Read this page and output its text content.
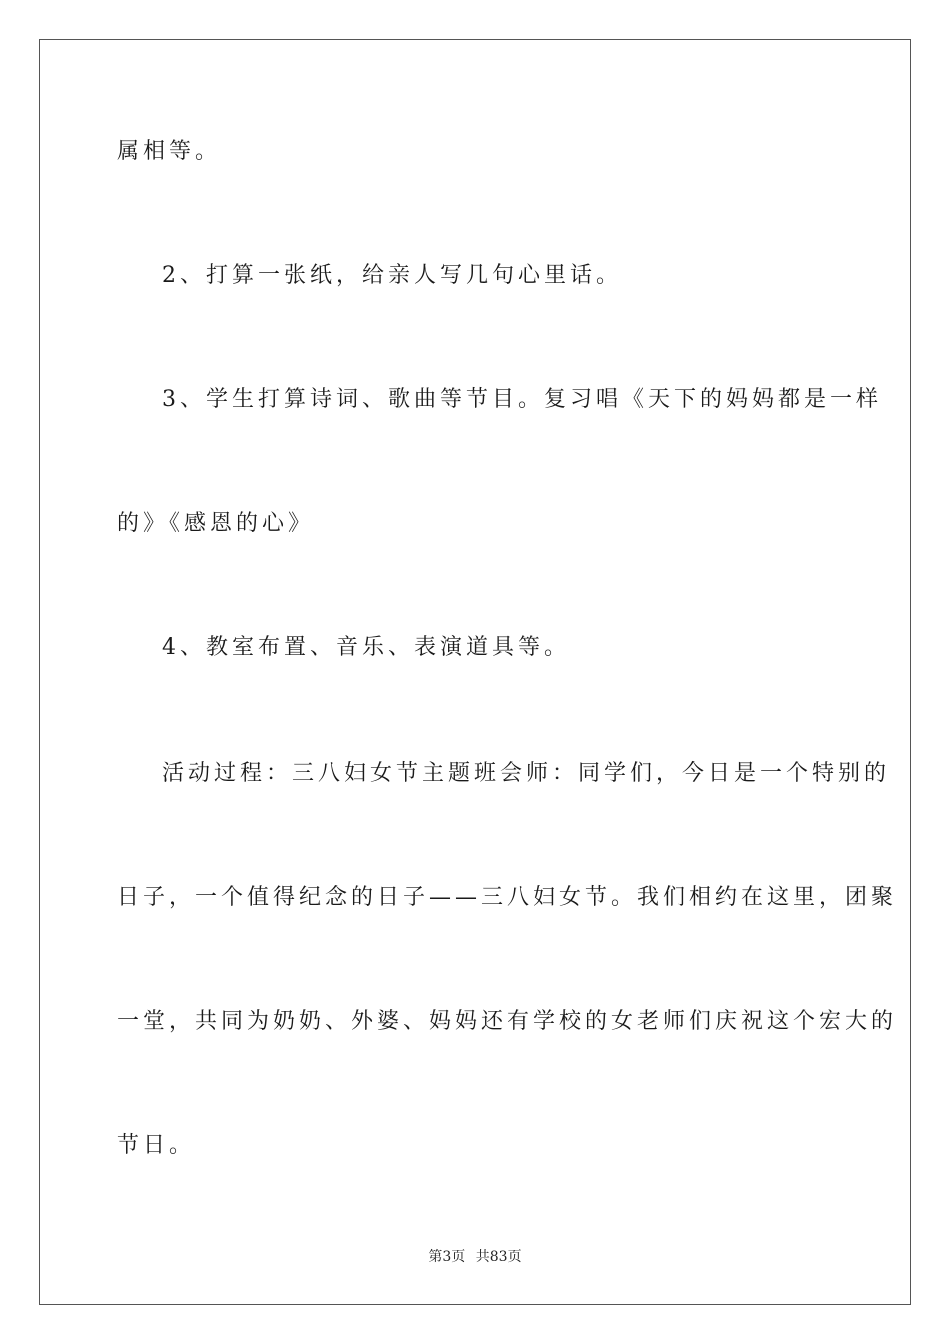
属相等。
2、打算一张纸，给亲人写几句心里话。
3、学生打算诗词、歌曲等节目。复习唱《天下的妈妈都是一样
的》《感恩的心》
4、教室布置、音乐、表演道具等。
活动过程：三八妇女节主题班会师：同学们，今日是一个特别的
日子，一个值得纪念的日子——三八妇女节。我们相约在这里，团聚
一堂，共同为奶奶、外婆、妈妈还有学校的女老师们庆祝这个宏大的
节日。
第3页 共83页
